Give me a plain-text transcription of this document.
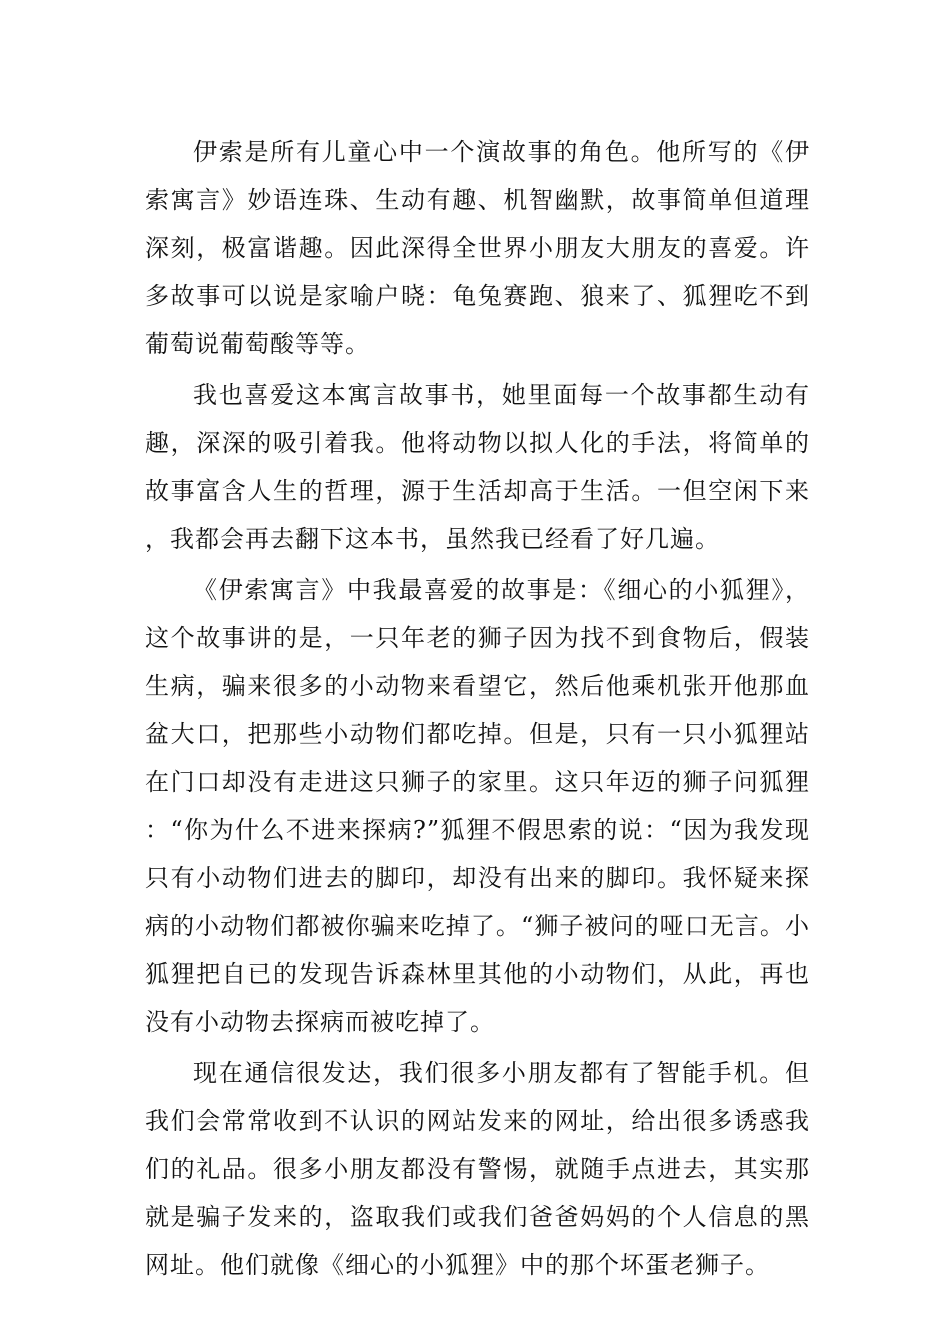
伊索是所有儿童心中一个演故事的角色。他所写的《伊索寓言》妙语连珠、生动有趣、机智幽默，故事简单但道理深刻，极富谐趣。因此深得全世界小朋友大朋友的喜爱。许多故事可以说是家喻户晓：龟兔赛跑、狼来了、狐狸吃不到葡萄说葡萄酸等等。

我也喜爱这本寓言故事书，她里面每一个故事都生动有趣，深深的吸引着我。他将动物以拟人化的手法，将简单的故事富含人生的哲理，源于生活却高于生活。一但空闲下来，我都会再去翻下这本书，虽然我已经看了好几遍。

《伊索寓言》中我最喜爱的故事是：《细心的小狐狸》，这个故事讲的是，一只年老的狮子因为找不到食物后，假装生病，骗来很多的小动物来看望它，然后他乘机张开他那血盆大口，把那些小动物们都吃掉。但是，只有一只小狐狸站在门口却没有走进这只狮子的家里。这只年迈的狮子问狐狸：“你为什么不进来探病?”狐狸不假思索的说：“因为我发现只有小动物们进去的脚印，却没有出来的脚印。我怀疑来探病的小动物们都被你骗来吃掉了。“狮子被问的哑口无言。小狐狸把自已的发现告诉森林里其他的小动物们，从此，再也没有小动物去探病而被吃掉了。

现在通信很发达，我们很多小朋友都有了智能手机。但我们会常常收到不认识的网站发来的网址，给出很多诱惑我们的礼品。很多小朋友都没有警惕，就随手点进去，其实那就是骗子发来的，盗取我们或我们爸爸妈妈的个人信息的黑网址。他们就像《细心的小狐狸》中的那个坏蛋老狮子。
